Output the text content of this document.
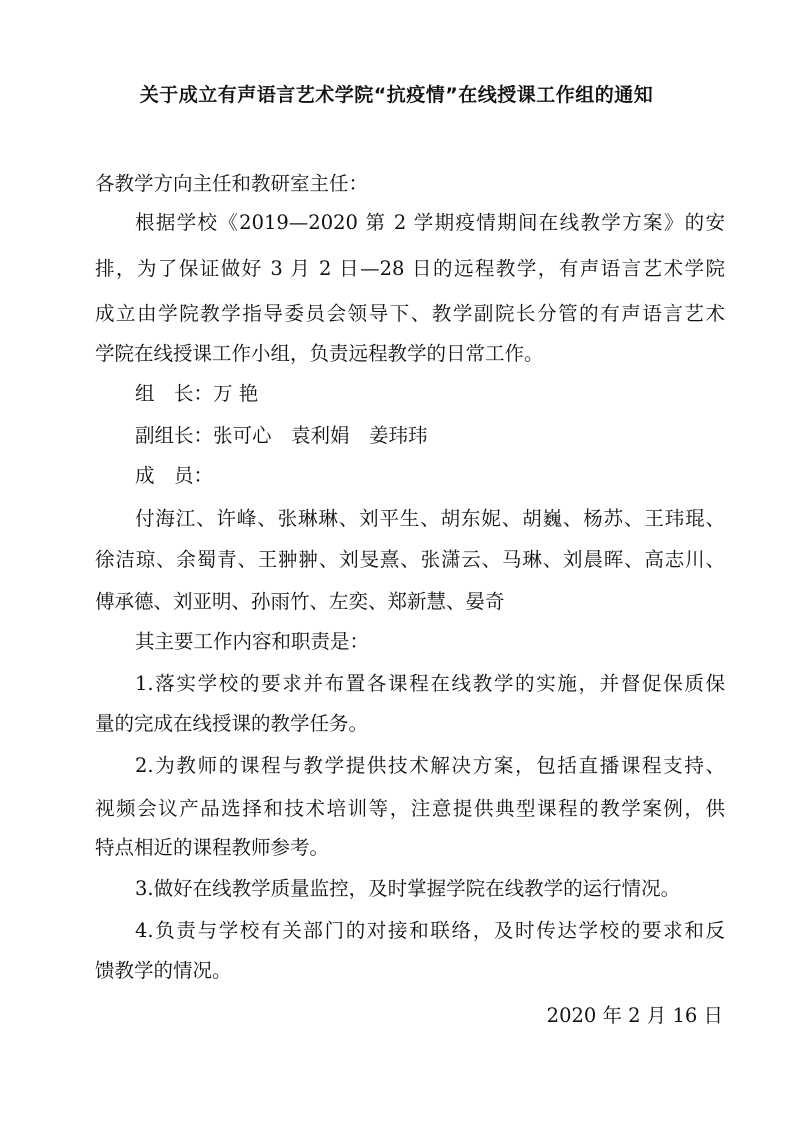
关于成立有声语言艺术学院“抗疫情”在线授课工作组的通知
各教学方向主任和教研室主任：
根据学校《2019—2020 第 2 学期疫情期间在线教学方案》的安
排，为了保证做好 3 月 2 日—28 日的远程教学，有声语言艺术学院
成立由学院教学指导委员会领导下、教学副院长分管的有声语言艺术
学院在线授课工作小组，负责远程教学的日常工作。
组　长：万 艳
副组长：张可心　袁利娟　姜玮玮
成　员：
付海江、许峰、张琳琳、刘平生、胡东妮、胡巍、杨苏、王玮琨、
徐洁琼、余蜀青、王翀翀、刘旻熹、张潇云、马琳、刘晨晖、高志川、
傅承德、刘亚明、孙雨竹、左奕、郑新慧、晏奇
其主要工作内容和职责是：
1.落实学校的要求并布置各课程在线教学的实施，并督促保质保
量的完成在线授课的教学任务。
2.为教师的课程与教学提供技术解决方案，包括直播课程支持、
视频会议产品选择和技术培训等，注意提供典型课程的教学案例，供
特点相近的课程教师参考。
3.做好在线教学质量监控，及时掌握学院在线教学的运行情况。
4.负责与学校有关部门的对接和联络，及时传达学校的要求和反
馈教学的情况。
2020 年 2 月 16 日
